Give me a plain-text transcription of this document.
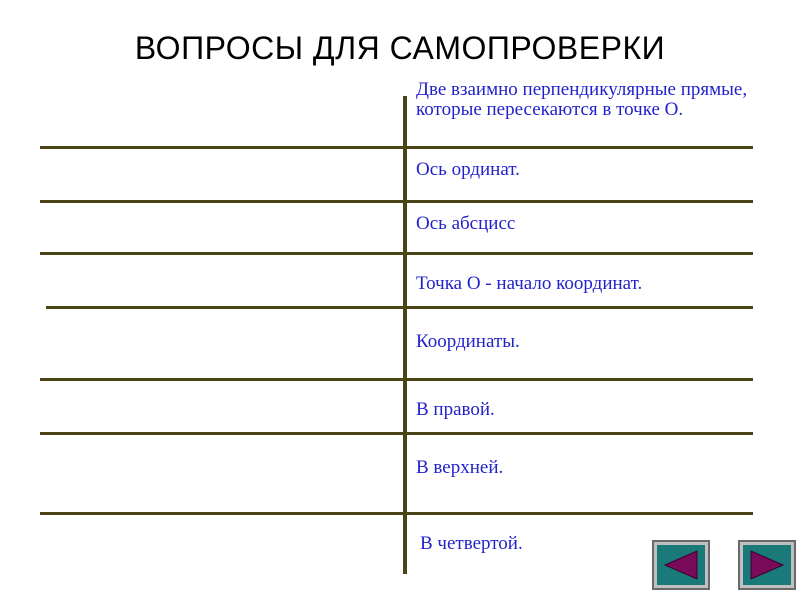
ВОПРОСЫ ДЛЯ САМОПРОВЕРКИ
Две взаимно перпендикулярные прямые, которые пересекаются в точке О.
Ось ординат.
Ось абсцисс
Точка О - начало координат.
Координаты.
В правой.
В верхней.
В четвертой.
